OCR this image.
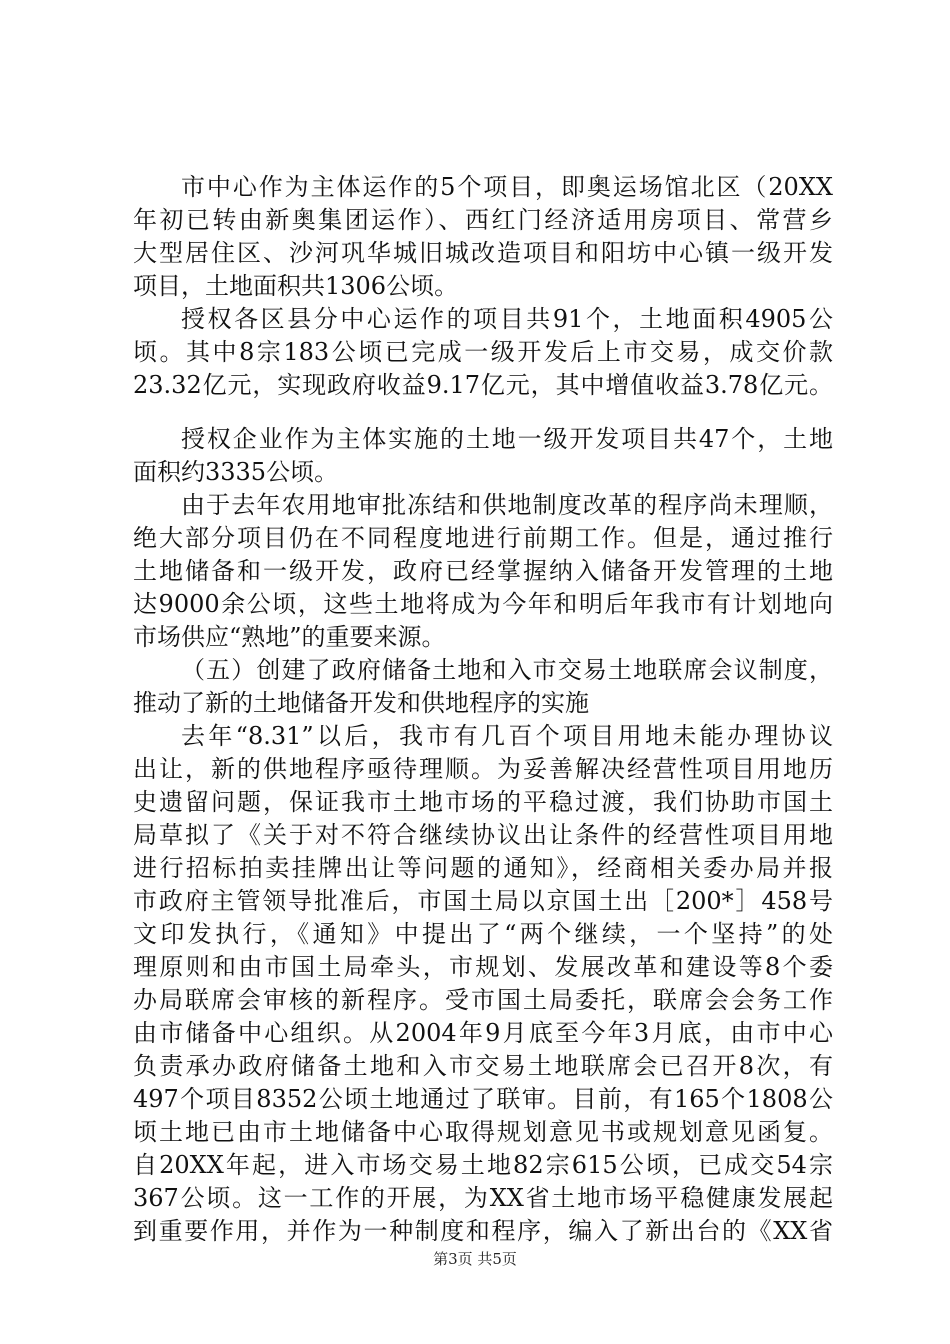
市中心作为主体运作的5个项目，即奥运场馆北区（20XX
年初已转由新奥集团运作）、西红门经济适用房项目、常营乡
大型居住区、沙河巩华城旧城改造项目和阳坊中心镇一级开发
项目，土地面积共1306公顷。
授权各区县分中心运作的项目共91个，土地面积4905公
顷。其中8宗183公顷已完成一级开发后上市交易，成交价款
23.32亿元，实现政府收益9.17亿元，其中增值收益3.78亿元。
授权企业作为主体实施的土地一级开发项目共47个，土地
面积约3335公顷。
由于去年农用地审批冻结和供地制度改革的程序尚未理顺，
绝大部分项目仍在不同程度地进行前期工作。但是，通过推行
土地储备和一级开发，政府已经掌握纳入储备开发管理的土地
达9000余公顷，这些土地将成为今年和明后年我市有计划地向
市场供应“熟地”的重要来源。
（五）创建了政府储备土地和入市交易土地联席会议制度，
推动了新的土地储备开发和供地程序的实施
去年“8.31”以后，我市有几百个项目用地未能办理协议
出让，新的供地程序亟待理顺。为妥善解决经营性项目用地历
史遗留问题，保证我市土地市场的平稳过渡，我们协助市国土
局草拟了《关于对不符合继续协议出让条件的经营性项目用地
进行招标拍卖挂牌出让等问题的通知》，经商相关委办局并报
市政府主管领导批准后，市国土局以京国土出［200*］458号
文印发执行，《通知》中提出了“两个继续，一个坚持”的处
理原则和由市国土局牵头，市规划、发展改革和建设等8个委
办局联席会审核的新程序。受市国土局委托，联席会会务工作
由市储备中心组织。从2004年9月底至今年3月底，由市中心
负责承办政府储备土地和入市交易土地联席会已召开8次，有
497个项目8352公顷土地通过了联审。目前，有165个1808公
顷土地已由市土地储备中心取得规划意见书或规划意见函复。
自20XX年起，进入市场交易土地82宗615公顷，已成交54宗
367公顷。这一工作的开展，为XX省土地市场平稳健康发展起
到重要作用，并作为一种制度和程序，编入了新出台的《XX省
第3页 共5页
